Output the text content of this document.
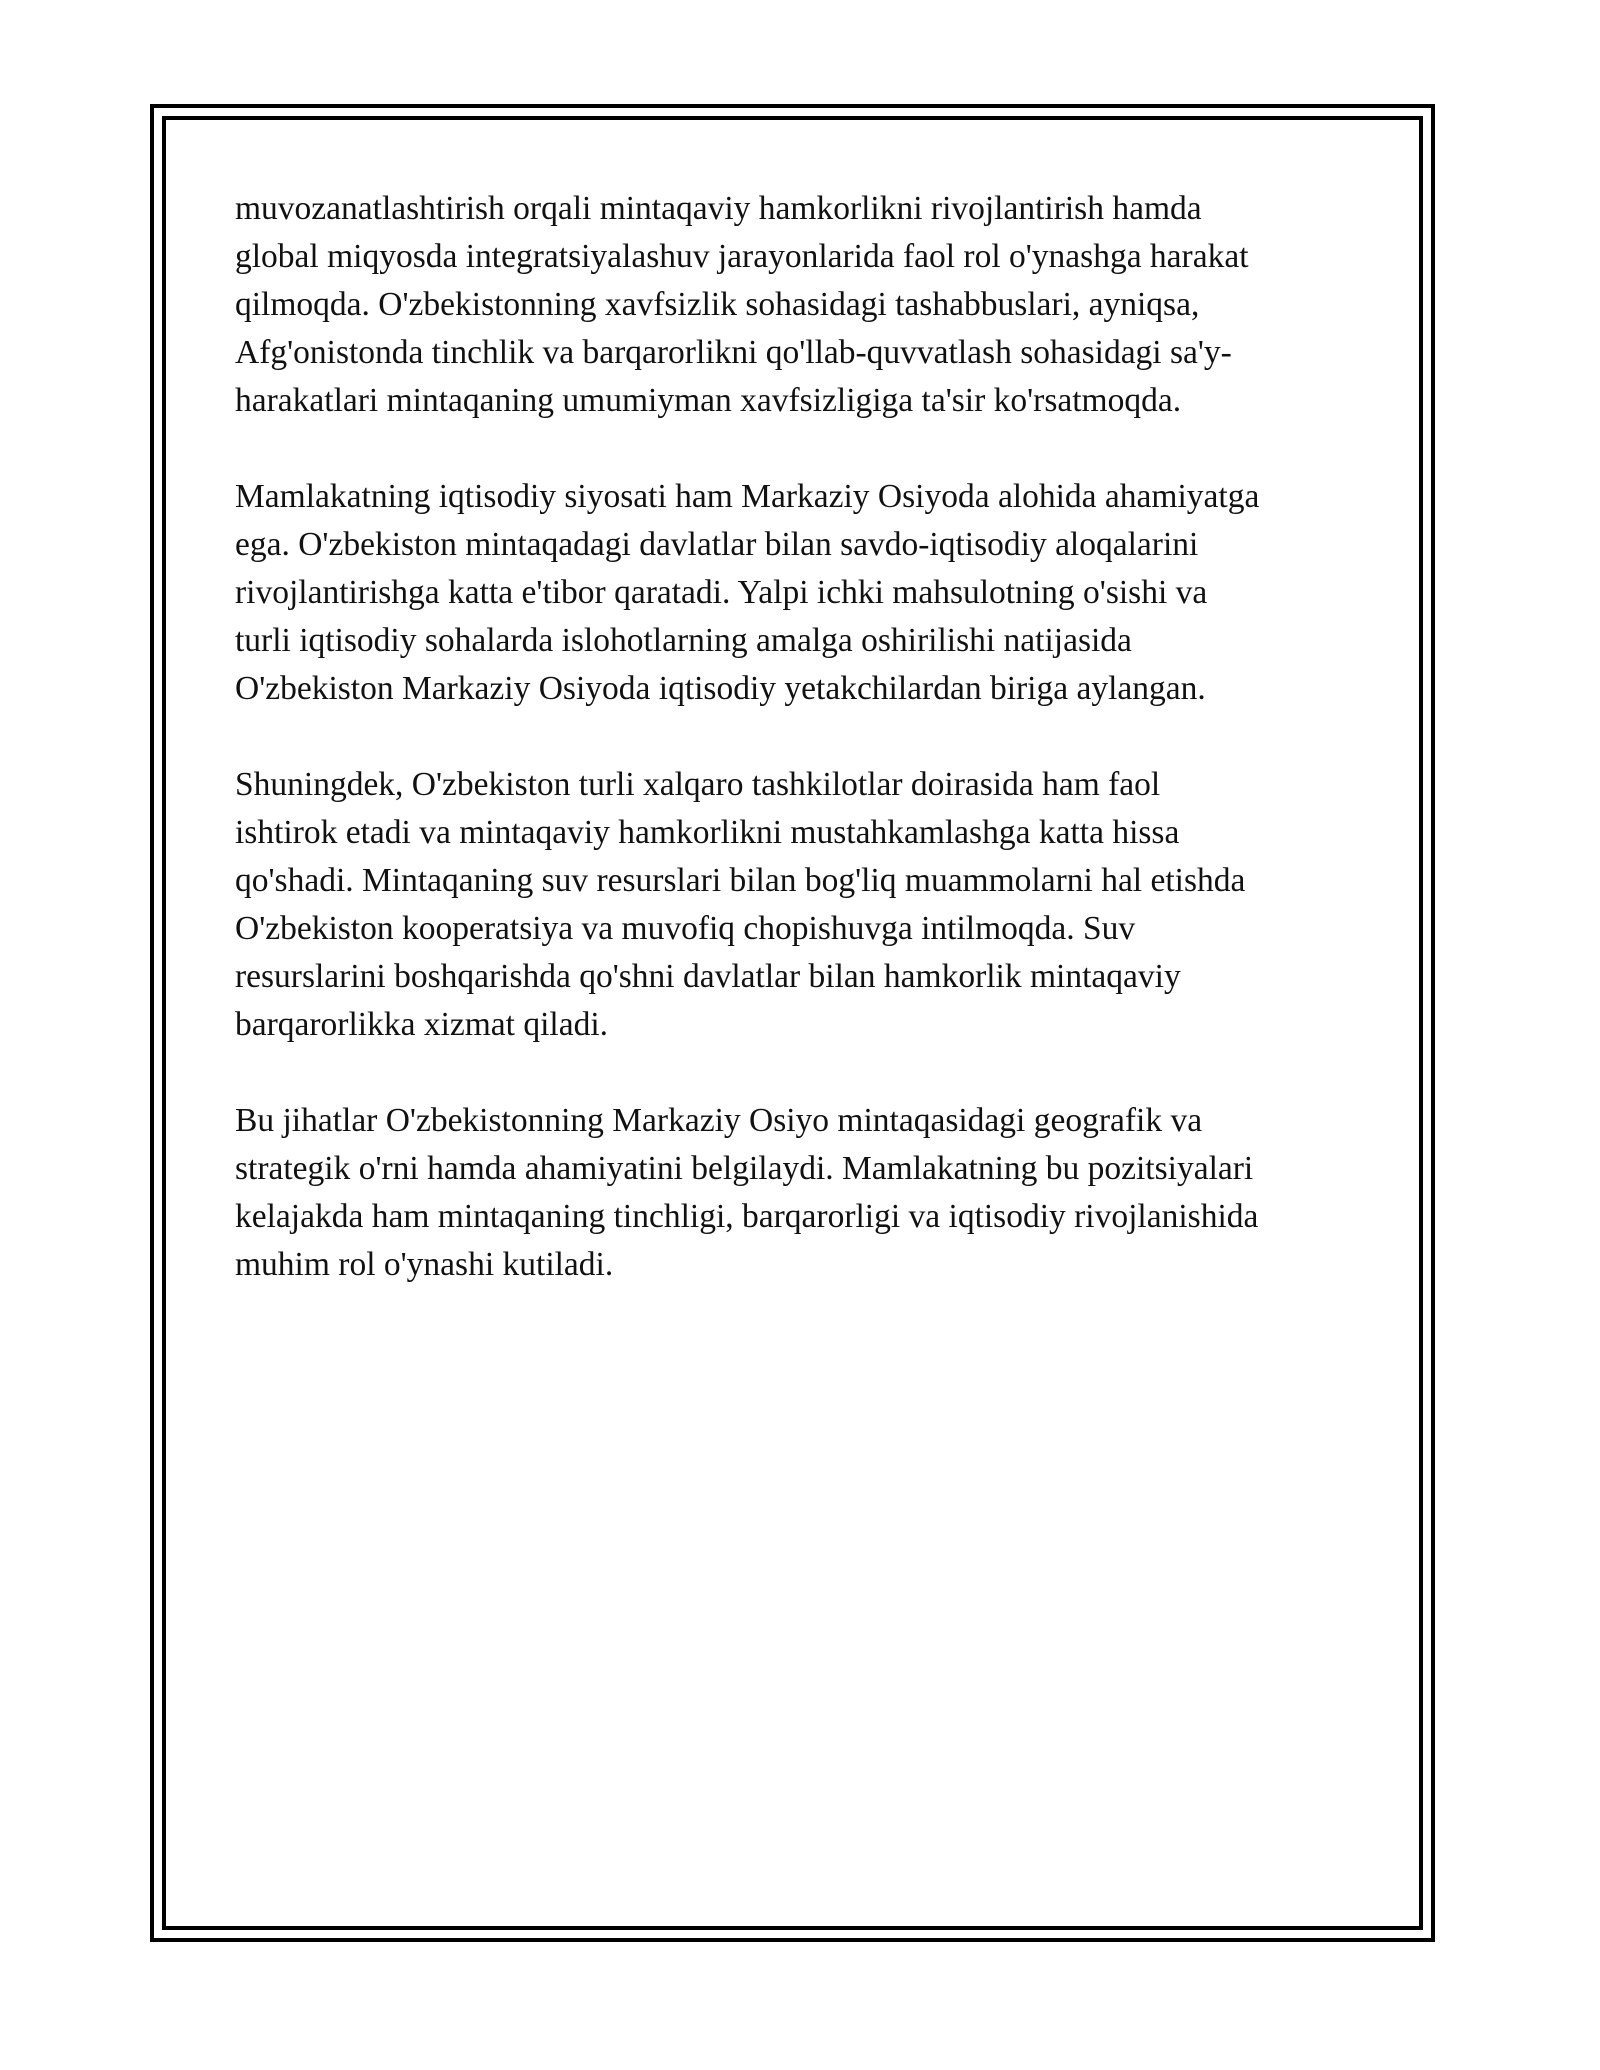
muvozanatlashtirish orqali mintaqaviy hamkorlikni rivojlantirish hamda
global miqyosda integratsiyalashuv jarayonlarida faol rol o'ynashga harakat
qilmoqda. O'zbekistonning xavfsizlik sohasidagi tashabbuslari, ayniqsa,
Afg'onistonda tinchlik va barqarorlikni qo'llab-quvvatlash sohasidagi sa'y-
harakatlari mintaqaning umumiyman xavfsizligiga ta'sir ko'rsatmoqda.

Mamlakatning iqtisodiy siyosati ham Markaziy Osiyoda alohida ahamiyatga
ega. O'zbekiston mintaqadagi davlatlar bilan savdo-iqtisodiy aloqalarini
rivojlantirishga katta e'tibor qaratadi. Yalpi ichki mahsulotning o'sishi va
turli iqtisodiy sohalarda islohotlarning amalga oshirilishi natijasida
O'zbekiston Markaziy Osiyoda iqtisodiy yetakchilardan biriga aylangan.

Shuningdek, O'zbekiston turli xalqaro tashkilotlar doirasida ham faol
ishtirok etadi va mintaqaviy hamkorlikni mustahkamlashga katta hissa
qo'shadi. Mintaqaning suv resurslari bilan bog'liq muammolarni hal etishda
O'zbekiston kooperatsiya va muvofiq chopishuvga intilmoqda. Suv
resurslarini boshqarishda qo'shni davlatlar bilan hamkorlik mintaqaviy
barqarorlikka xizmat qiladi.

Bu jihatlar O'zbekistonning Markaziy Osiyo mintaqasidagi geografik va
strategik o'rni hamda ahamiyatini belgilaydi. Mamlakatning bu pozitsiyalari
kelajakda ham mintaqaning tinchligi, barqarorligi va iqtisodiy rivojlanishida
muhim rol o'ynashi kutiladi.
